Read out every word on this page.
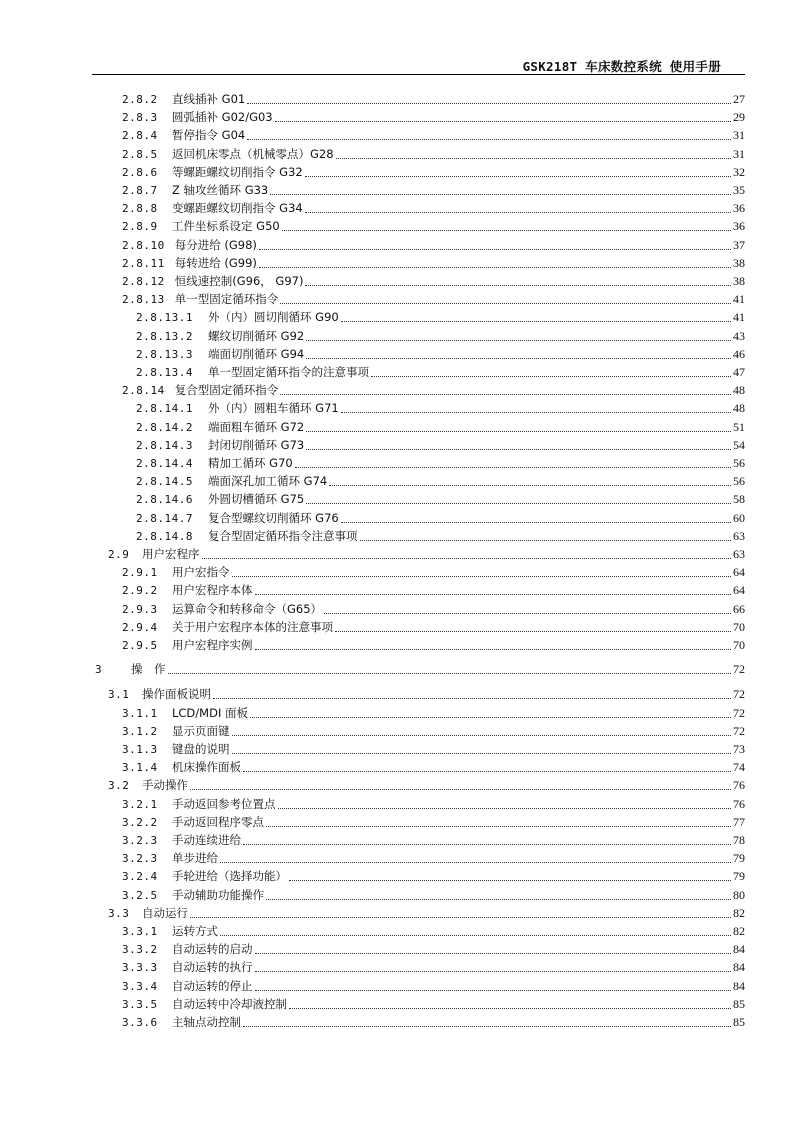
GSK218T 车床数控系统 使用手册
2.8.2	直线插补 G01	27
2.8.3	圆弧插补 G02/G03	29
2.8.4	暂停指令 G04	31
2.8.5	返回机床零点（机械零点）G28	31
2.8.6	等螺距螺纹切削指令 G32	32
2.8.7	Z 轴攻丝循环 G33	35
2.8.8	变螺距螺纹切削指令 G34	36
2.8.9	工件坐标系设定 G50	36
2.8.10 每分进给 (G98)	37
2.8.11 每转进给 (G99)	38
2.8.12 恒线速控制(G96， G97)	38
2.8.13 单一型固定循环指令	41
2.8.13.1	外（内）圆切削循环 G90	41
2.8.13.2	螺纹切削循环 G92	43
2.8.13.3	端面切削循环 G94	46
2.8.13.4	单一型固定循环指令的注意事项	47
2.8.14 复合型固定循环指令	48
2.8.14.1	外（内）圆粗车循环 G71	48
2.8.14.2	端面粗车循环 G72	51
2.8.14.3	封闭切削循环 G73	54
2.8.14.4	精加工循环 G70	56
2.8.14.5	端面深孔加工循环 G74	56
2.8.14.6	外圆切槽循环 G75	58
2.8.14.7	复合型螺纹切削循环 G76	60
2.8.14.8	复合型固定循环指令注意事项	63
2.9 用户宏程序	63
2.9.1	用户宏指令	64
2.9.2	用户宏程序本体	64
2.9.3	运算命令和转移命令（G65）	66
2.9.4	关于用户宏程序本体的注意事项	70
2.9.5	用户宏程序实例	70
3	操　作	72
3.1 操作面板说明	72
3.1.1	LCD/MDI 面板	72
3.1.2	显示页面键	72
3.1.3	键盘的说明	73
3.1.4	机床操作面板	74
3.2 手动操作	76
3.2.1	手动返回参考位置点	76
3.2.2	手动返回程序零点	77
3.2.3	手动连续进给	78
3.2.3	单步进给	79
3.2.4	手轮进给（选择功能）	79
3.2.5	手动辅助功能操作	80
3.3 自动运行	82
3.3.1	运转方式	82
3.3.2	自动运转的启动	84
3.3.3	自动运转的执行	84
3.3.4	自动运转的停止	84
3.3.5	自动运转中冷却液控制	85
3.3.6	主轴点动控制	85
